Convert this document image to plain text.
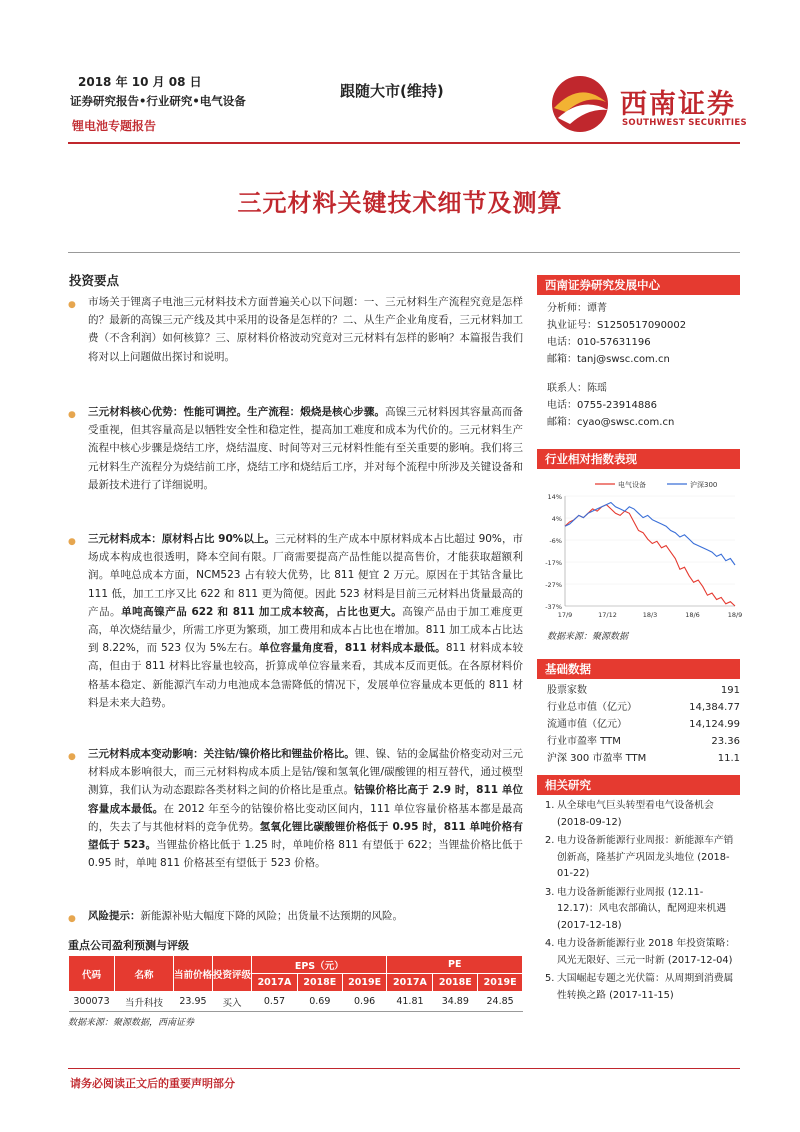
2018 年 10 月 08 日
证券研究报告•行业研究•电气设备
锂电池专题报告
跟随大市(维持)	西南证券
SOUTHWEST SECURITIES
三元材料关键技术细节及测算
投资要点
● 市场关于锂离子电池三元材料技术方面普遍关心以下问题：一、三元材料生产流程究竟是怎样的？最新的高镍三元产线及其中采用的设备是怎样的？二、从生产企业角度看，三元材料加工费（不含利润）如何核算？三、原材料价格波动究竟对三元材料有怎样的影响？本篇报告我们将对以上问题做出探讨和说明。
● 三元材料核心优势：性能可调控。生产流程：煅烧是核心步骤。高镍三元材料因其容量高而备受重视，但其容量高是以牺牲安全性和稳定性，提高加工难度和成本为代价的。三元材料生产流程中核心步骤是烧结工序，烧结温度、时间等对三元材料性能有至关重要的影响。我们将三元材料生产流程分为烧结前工序，烧结工序和烧结后工序，并对每个流程中所涉及关键设备和最新技术进行了详细说明。
● 三元材料成本：原材料占比 90%以上。三元材料的生产成本中原材料成本占比超过 90%，市场成本构成也很透明，降本空间有限。厂商需要提高产品性能以提高售价，才能获取超额利润。单吨总成本方面，NCM523 占有较大优势，比 811 便宜 2 万元。原因在于其钴含量比 111 低，加工工序又比 622 和 811 更为简便。因此 523 材料是目前三元材料出货量最高的产品。单吨高镍产品 622 和 811 加工成本较高，占比也更大。高镍产品由于加工难度更高，单次烧结量少，所需工序更为繁琐，加工费用和成本占比也在增加。811 加工成本占比达到 8.22%，而 523 仅为 5%左右。单位容量角度看，811 材料成本最低。811 材料成本较高，但由于 811 材料比容量也较高，折算成单位容量来看，其成本反而更低。在各原材料价格基本稳定、新能源汽车动力电池成本急需降低的情况下，发展单位容量成本更低的 811 材料是未来大趋势。
● 三元材料成本变动影响：关注钴/镍价格比和锂盐价格比。锂、镍、钴的金属盐价格变动对三元材料成本影响很大，而三元材料构成本质上是钴/镍和氢氧化锂/碳酸锂的相互替代，通过模型测算，我们认为动态跟踪各类材料之间的价格比是重点。钴镍价格比高于 2.9 时，811 单位容量成本最低。在 2012 年至今的钴镍价格比变动区间内，111 单位容量价格基本都是最高的，失去了与其他材料的竞争优势。氢氧化锂比碳酸锂价格低于 0.95 时，811 单吨价格有望低于 523。当锂盐价格比低于 1.25 时，单吨价格 811 有望低于 622；当锂盐价格比低于 0.95 时，单吨 811 价格甚至有望低于 523 价格。
● 风险提示：新能源补贴大幅度下降的风险；出货量不达预期的风险。
重点公司盈利预测与评级
代码	名称	当前价格	投资评级	EPS（元）			PE		
				2017A	2018E	2019E	2017A	2018E	2019E
300073	当升科技	23.95	买入	0.57	0.69	0.96	41.81	34.89	24.85
数据来源：聚源数据，西南证券
西南证券研究发展中心
分析师：谭菁
执业证号：S1250517090002
电话：010-57631196
邮箱：tanj@swsc.com.cn
联系人：陈瑶
电话：0755-23914886
邮箱：cyao@swsc.com.cn
行业相对指数表现
14%
4%
-6%
-17%
-27%
-37%
17/9	17/12	18/3	18/6	18/9
电气设备	沪深300
数据来源：聚源数据
基础数据
股票家数	191
行业总市值（亿元）	14,384.77
流通市值（亿元）	14,124.99
行业市盈率 TTM	23.36
沪深 300 市盈率 TTM	11.1
相关研究
1. 从全球电气巨头转型看电气设备机会 (2018-09-12)
2. 电力设备新能源行业周报：新能源车产销创新高，隆基扩产巩固龙头地位 (2018-01-22)
3. 电力设备新能源行业周报 (12.11-12.17)：风电农部确认，配网迎来机遇 (2017-12-18)
4. 电力设备新能源行业 2018 年投资策略：风光无限好、三元一时新 (2017-12-04)
5. 大国崛起专题之光伏篇：从周期到消费属性转换之路 (2017-11-15)
请务必阅读正文后的重要声明部分
